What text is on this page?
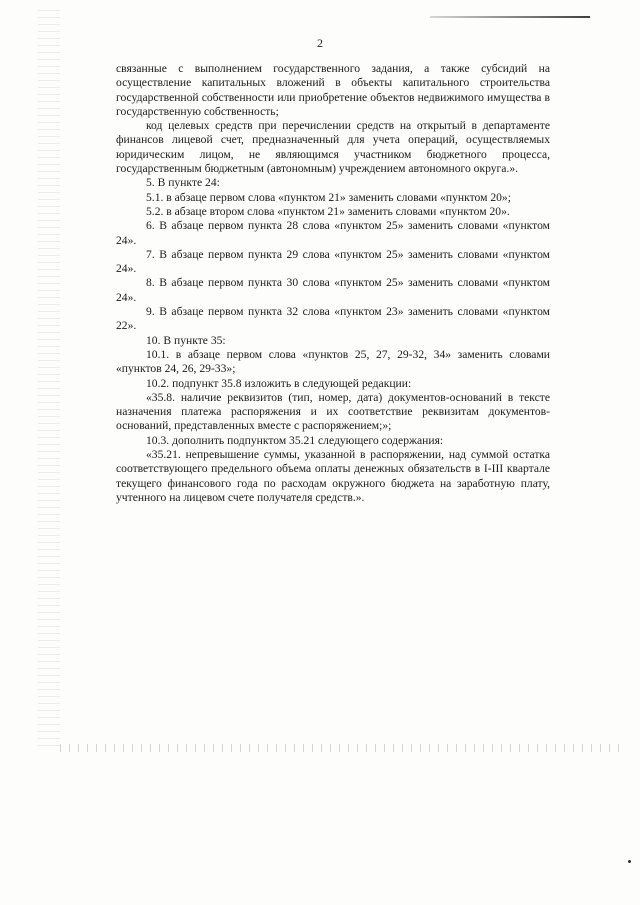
2

связанные с выполнением государственного задания, а также субсидий на осуществление капитальных вложений в объекты капитального строительства государственной собственности или приобретение объектов недвижимого имущества в государственную собственность;

код целевых средств при перечислении средств на открытый в департаменте финансов лицевой счет, предназначенный для учета операций, осуществляемых юридическим лицом, не являющимся участником бюджетного процесса, государственным бюджетным (автономным) учреждением автономного округа.».

5. В пункте 24:

5.1. в абзаце первом слова «пунктом 21» заменить словами «пунктом 20»;

5.2. в абзаце втором слова «пунктом 21» заменить словами «пунктом 20».

6. В абзаце первом пункта 28 слова «пунктом 25» заменить словами «пунктом 24».

7. В абзаце первом пункта 29 слова «пунктом 25» заменить словами «пунктом 24».

8. В абзаце первом пункта 30 слова «пунктом 25» заменить словами «пунктом 24».

9. В абзаце первом пункта 32 слова «пунктом 23» заменить словами «пунктом 22».

10. В пункте 35:

10.1. в абзаце первом слова «пунктов 25, 27, 29-32, 34» заменить словами «пунктов 24, 26, 29-33»;

10.2. подпункт 35.8 изложить в следующей редакции:

«35.8. наличие реквизитов (тип, номер, дата) документов-оснований в тексте назначения платежа распоряжения и их соответствие реквизитам документов-оснований, представленных вместе с распоряжением;»;

10.3. дополнить подпунктом 35.21 следующего содержания:

«35.21. непревышение суммы, указанной в распоряжении, над суммой остатка соответствующего предельного объема оплаты денежных обязательств в I-III квартале текущего финансового года по расходам окружного бюджета на заработную плату, учтенного на лицевом счете получателя средств.».
